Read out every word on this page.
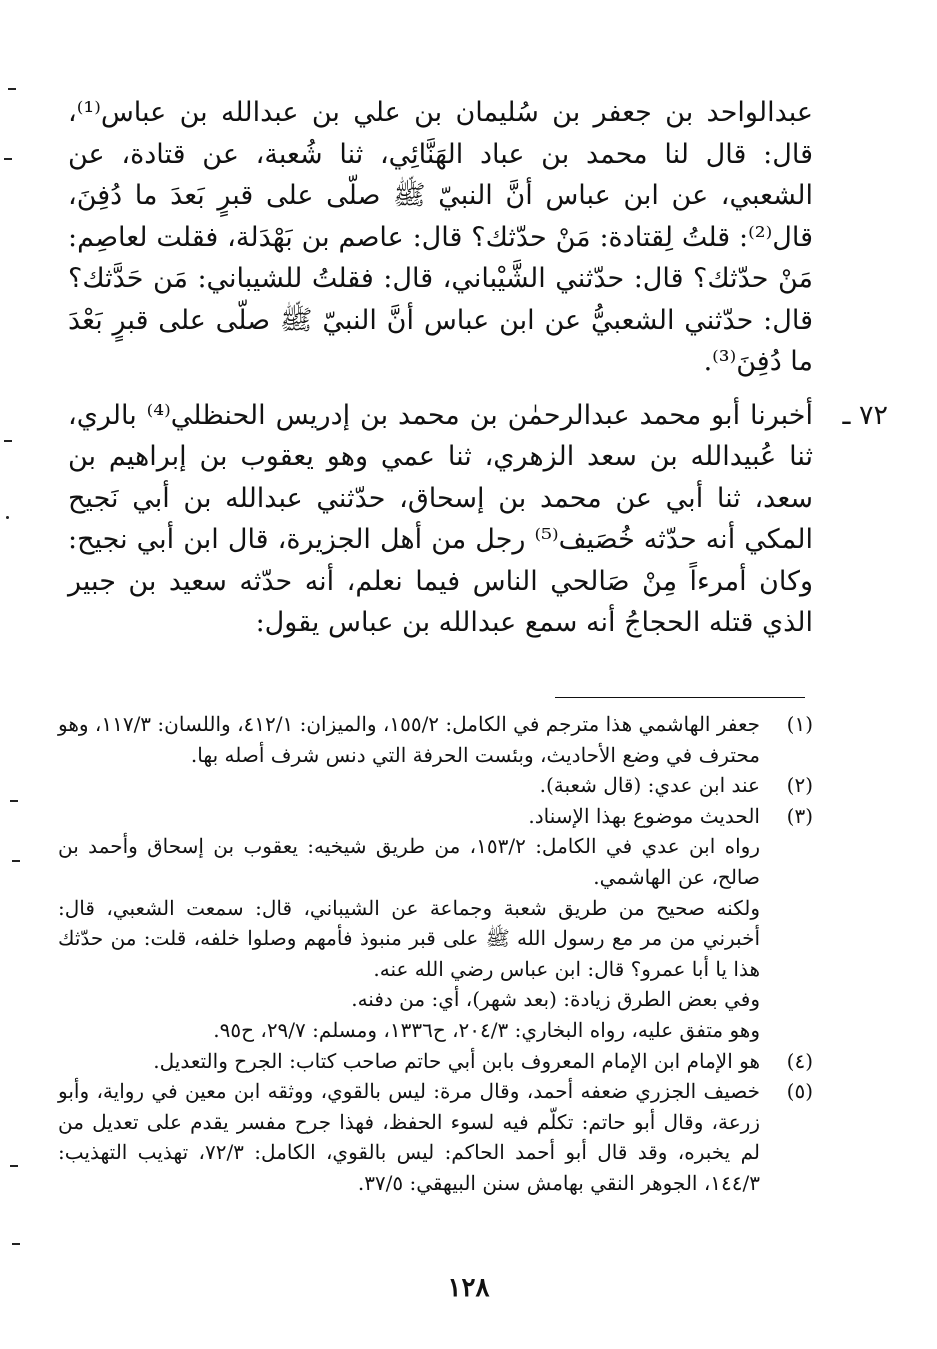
عبدالواحد بن جعفر بن سُليمان بن علي بن عبدالله بن عباس⁽¹⁾، قال: قال لنا محمد بن عباد الهَنَّائِي، ثنا شُعبة، عن قتادة، عن الشعبي، عن ابن عباس أنَّ النبيّ ﷺ صلّى على قبرٍ بَعدَ ما دُفِنَ، قال⁽²⁾: قلتُ لِقتادة: مَنْ حدّثك؟ قال: عاصم بن بَهْدَلة، فقلت لعاصِم: مَنْ حدّثك؟ قال: حدّثني الشَّيْباني، قال: فقلتُ للشيباني: مَن حَدَّثك؟ قال: حدّثني الشعبيُّ عن ابن عباس أنَّ النبيّ ﷺ صلّى على قبرٍ بَعْدَ ما دُفِنَ⁽³⁾.

٧٢ ـ
أخبرنا أبو محمد عبدالرحمٰن بن محمد بن إدريس الحنظلي⁽⁴⁾ بالري، ثنا عُبيدالله بن سعد الزهري، ثنا عمي وهو يعقوب بن إبراهيم بن سعد، ثنا أبي عن محمد بن إسحاق، حدّثني عبدالله بن أبي نَجيح المكي أنه حدّثه خُصَيف⁽⁵⁾ رجل من أهل الجزيرة، قال ابن أبي نجيح: وكان أمرءاً مِنْ صَالحي الناس فيما نعلم، أنه حدّثه سعيد بن جبير الذي قتله الحجاجُ أنه سمع عبدالله بن عباس يقول:

(١)
جعفر الهاشمي هذا مترجم في الكامل: ١٥٥/٢، والميزان: ٤١٢/١، واللسان: ١١٧/٣، وهو محترف في وضع الأحاديث، وبئست الحرفة التي دنس شرف أصله بها.
(٢)
عند ابن عدي: (قال شعبة).
(٣)
الحديث موضوع بهذا الإسناد.

رواه ابن عدي في الكامل: ١٥٣/٢، من طريق شيخيه: يعقوب بن إسحاق وأحمد بن صالح، عن الهاشمي.

ولكنه صحيح من طريق شعبة وجماعة عن الشيباني، قال: سمعت الشعبي، قال: أخبرني من مر مع رسول الله ﷺ على قبر منبوذ فأمهم وصلوا خلفه، قلت: من حدّثك هذا يا أبا عمرو؟ قال: ابن عباس رضي الله عنه.

وفي بعض الطرق زيادة: (بعد شهر)، أي: من دفنه.

وهو متفق عليه، رواه البخاري: ٢٠٤/٣، ح١٣٣٦، ومسلم: ٢٩/٧، ح٩٥.

(٤)
هو الإمام ابن الإمام المعروف بابن أبي حاتم صاحب كتاب: الجرح والتعديل.
(٥)
خصيف الجزري ضعفه أحمد، وقال مرة: ليس بالقوي، ووثقه ابن معين في رواية، وأبو زرعة، وقال أبو حاتم: تكلّم فيه لسوء الحفظ، فهذا جرح مفسر يقدم على تعديل من لم يخبره، وقد قال أبو أحمد الحاكم: ليس بالقوي، الكامل: ٧٢/٣، تهذيب التهذيب: ١٤٤/٣، الجوهر النقي بهامش سنن البيهقي: ٣٧/٥.
١٢٨
